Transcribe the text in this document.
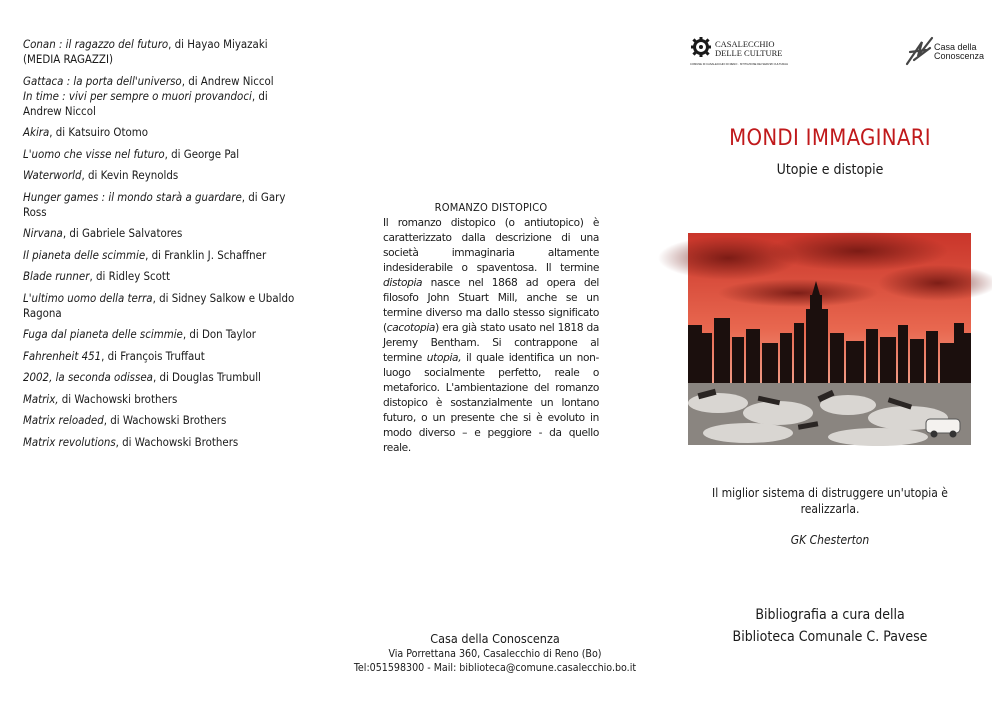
Conan : il ragazzo del futuro, di Hayao Miyazaki (MEDIA RAGAZZI)
Gattaca : la porta dell'universo, di Andrew Niccol
In time : vivi per sempre o muori provandoci, di Andrew Niccol
Akira, di Katsuiro Otomo
L'uomo che visse nel futuro, di George Pal
Waterworld, di Kevin Reynolds
Hunger games : il mondo starà a guardare, di Gary Ross
Nirvana, di Gabriele Salvatores
Il pianeta delle scimmie, di Franklin J. Schaffner
Blade runner, di Ridley Scott
L'ultimo uomo della terra, di Sidney Salkow e Ubaldo Ragona
Fuga dal pianeta delle scimmie, di Don Taylor
Fahrenheit 451, di François Truffaut
2002, la seconda odissea, di Douglas Trumbull
Matrix, di Wachowski brothers
Matrix reloaded, di Wachowski Brothers
Matrix revolutions, di Wachowski Brothers
ROMANZO DISTOPICO
Il romanzo distopico (o antiutopico) è caratterizzato dalla descrizione di una società immaginaria altamente indesiderabile o spaventosa. Il termine distopia nasce nel 1868 ad opera del filosofo John Stuart Mill, anche se un termine diverso ma dallo stesso significato (cacotopia) era già stato usato nel 1818 da Jeremy Bentham. Si contrappone al termine utopia, il quale identifica un non-luogo socialmente perfetto, reale o metaforico. L'ambientazione del romanzo distopico è sostanzialmente un lontano futuro, o un presente che si è evoluto in modo diverso – e peggiore - da quello reale.
Casa della Conoscenza
Via Porrettana 360, Casalecchio di Reno (Bo)
Tel:051598300 - Mail: biblioteca@comune.casalecchio.bo.it
CASALECCHIO
DELLE CULTURE
COMUNE DI CASALECCHIO DI RENO · ISTITUZIONE DEI SERVIZI CULTURALI
Casa della
Conoscenza
MONDI IMMAGINARI
Utopie e distopie
Il miglior sistema di distruggere un'utopia è realizzarla.
GK Chesterton
Bibliografia a cura della
Biblioteca Comunale C. Pavese
